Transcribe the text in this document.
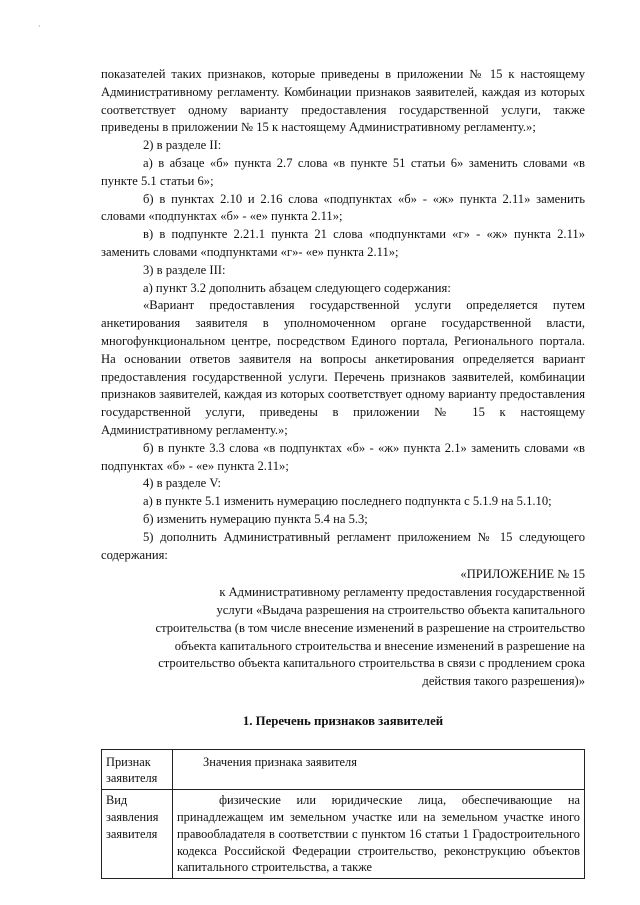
·

показателей таких признаков, которые приведены в приложении № 15 к настоящему Административному регламенту. Комбинации признаков заявителей, каждая из которых соответствует одному варианту предоставления государственной услуги, также приведены в приложении № 15 к настоящему Административному регламенту.»;

2) в разделе II:

а) в абзаце «б» пункта 2.7 слова «в пункте 51 статьи 6» заменить словами «в пункте 5.1 статьи 6»;

б) в пунктах 2.10 и 2.16 слова «подпунктах «б» - «ж» пункта 2.11» заменить словами «подпунктах «б» - «е» пункта 2.11»;

в) в подпункте 2.21.1 пункта 21 слова «подпунктами «г» - «ж» пункта 2.11» заменить словами «подпунктами «г»- «е» пункта 2.11»;

3) в разделе III:

а) пункт 3.2 дополнить абзацем следующего содержания:

«Вариант предоставления государственной услуги определяется путем анкетирования заявителя в уполномоченном органе государственной власти, многофункциональном центре, посредством Единого портала, Регионального портала. На основании ответов заявителя на вопросы анкетирования определяется вариант предоставления государственной услуги. Перечень признаков заявителей, комбинации признаков заявителей, каждая из которых соответствует одному варианту предоставления государственной услуги, приведены в приложении № 15 к настоящему Административному регламенту.»;

б) в пункте 3.3 слова «в подпунктах «б» - «ж» пункта 2.1» заменить словами «в подпунктах «б» - «е» пункта 2.11»;

4) в разделе V:

а) в пункте 5.1 изменить нумерацию последнего подпункта с 5.1.9 на 5.1.10;

б) изменить нумерацию пункта 5.4 на 5.3;

5) дополнить Административный регламент приложением № 15 следующего содержания:

«ПРИЛОЖЕНИЕ № 15
к Административному регламенту предоставления государственной
услуги «Выдача разрешения на строительство объекта капитального
строительства (в том числе внесение изменений в разрешение на строительство
объекта капитального строительства и внесение изменений в разрешение на
строительство объекта капитального строительства в связи с продлением срока
действия такого разрешения)»
1. Перечень признаков заявителей
Признак заявителя	Значения признака заявителя
Вид заявления заявителя	физические или юридические лица, обеспечивающие на принадлежащем им земельном участке или на земельном участке иного правообладателя в соответствии с пунктом 16 статьи 1 Градостроительного кодекса Российской Федерации строительство, реконструкцию объектов капитального строительства, а также
